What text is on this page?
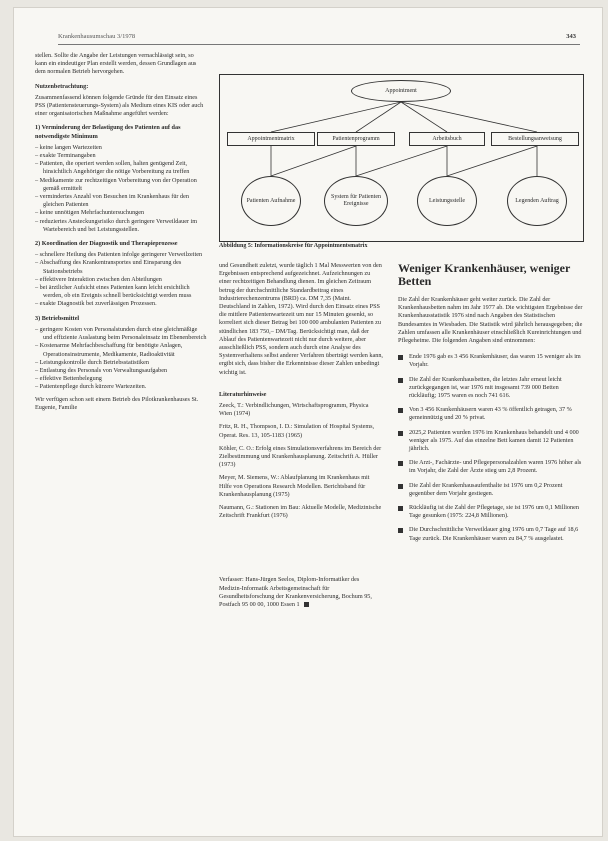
Krankenhausumschau 3/1978	343

stellen. Sollte die Angabe der Leistungen vernachlässigt sein, so kann ein eindeutiger Plan erstellt werden, dessen Grundlagen aus dem normalen Betrieb hervorgehen.

Nutzenbetrachtung:

Zusammenfassend können folgende Gründe für den Einsatz eines PSS (Patientensteuerungs-System) als Medium eines KIS oder auch einer organisatorischen Maßnahme angeführt werden:

1) Verminderung der Belastigung des Patienten auf das notwendigste Minimum
– keine langen Wartezeiten
– exakte Terminangaben
– Patienten, die operiert werden sollen, halten genügend Zeit, hinsichtlich Angehöriger die nötige Vorbereitung zu treffen
– Medikamente zur rechtzeitigen Vorbereitung von der Operation gemäß ermittelt
– vermindertes Anzahl von Besuchen im Krankenhaus für den gleichen Patienten
– keine unnötigen Mehrfachuntersuchungen
– reduziertes Ansteckungsrisiko durch geringere Verweildauer im Wartebereich und bei Leistungsstellen.
2) Koordination der Diagnostik und Therapieprozesse
– schnellere Heilung des Patienten infolge geringerer Verweilzeiten
– Abschaffung des Krankentransportes und Einsparung des Stationsbetriebs
– effektivere Interaktion zwischen den Abteilungen
– bei ärztlicher Aufsicht eines Patienten kann leicht ersichtlich werden, ob ein Ereignis schnell berücksichtigt werden muss
– exakte Diagnostik bei zuverlässigen Prozessen.
3) Betriebsmittel
– geringere Kosten von Personalstunden durch eine gleichmäßige und effiziente Auslastung beim Personaleinsatz im Ebenenbereich
– Kostenarme Mehrfachbeschaffung für benötigte Anlagen, Operationsinstrumente, Medikamente, Radioaktivität
– Leistungskontrolle durch Betriebsstatistiken
– Entlastung des Personals von Verwaltungsaufgaben
– effektive Bettenbelegung
– Patientenpflege durch kürzere Wartezeiten.

Wir verfügen schon seit einem Betrieb des Pilotkrankenhauses St. Eugenie, Familie

Appointment
Appointmentmatrix	Patientenprogramm	Arbeitsbuch	Bestellungsanweisung
Patienten Aufnahme
System für Patienten Ereignisse
Leistungsstelle	Legenden Auftrag
Abbildung 5: Informationskreise für Appointmentsmatrix

und Gesundheit zuletzt, wurde täglich 1 Mal Messwerten von den Ergebnissen entsprechend aufgezeichnet. Aufzeichnungen zu einer rechtzeitigen Behandlung dienen. Im gleichen Zeitraum betrug der durchschnittliche Standardbeitrag eines Industrierechenzentrums (BRD) ca. DM 7,35 (Maint. Deutschland in Zahlen, 1972). Wird durch den Einsatz eines PSS die mittlere Patientenwartezeit um nur 15 Minuten gesenkt, so korreliert sich dieser Betrag bei 100 000 ambulanten Patienten zu stündlichen 183 750,– DM/Tag. Berücksichtigt man, daß der Ablauf des Patientenwartezeit nicht nur durch weitere, aber ausschließlich PSS, sondern auch durch eine Analyse des Systemverhaltens selbst anderer Verfahren überträgt werden kann, ergibt sich, dass bisher die Erkenntnisse dieser Zahlen unbedingt wichtig ist.

Literaturhinweise

Zeeck, T.: Verbindlichungen, Wirtschaftsprogramm, Physica Wien (1974)

Fritz, R. H., Thompson, I. D.: Simulation of Hospital Systems, Operat. Res. 13, 105-1183 (1965)

Köhler, C. O.: Erfolg eines Simulationsverfahrens im Bereich der Zielbestimmung und Krankenhausplanung. Zeitschrift A. Hüller (1973)

Meyer, M. Siemens, W.: Ablaufplanung im Krankenhaus mit Hilfe von Operations Research Modellen. Berichtsband für Krankenhausplanung (1975)

Naumann, G.: Stationen im Bau: Aktuelle Modelle, Medizinische Zeitschrift Frankfurt (1976)

Verfasser: Hans-Jürgen Seelos, Diplom-Informatiker des Medizin-Informatik Arbeitsgemeinschaft für Gesundheitsforschung der Krankenversicherung, Bochum 95, Postfach 95 00 00, 1000 Essen 1

Weniger Krankenhäuser, weniger Betten

Die Zahl der Krankenhäuser geht weiter zurück. Die Zahl der Krankenhausbetten nahm im Jahr 1977 ab. Die wichtigsten Ergebnisse der Krankenhausstatistik 1976 sind nach Angaben des Statistischen Bundesamtes in Wiesbaden. Die Statistik wird jährlich herausgegeben; die Zahlen umfassen alle Krankenhäuser einschließlich Kureinrichtungen und Pflegeheime. Die folgenden Angaben sind entnommen:

Ende 1976 gab es 3 456 Krankenhäuser, das waren 15 weniger als im Vorjahr.
Die Zahl der Krankenhausbetten, die letztes Jahr erneut leicht zurückgegangen ist, war 1976 mit insgesamt 739 000 Betten rückläufig; 1975 waren es noch 741 616.
Von 3 456 Krankenhäusern waren 43 % öffentlich getragen, 37 % gemeinnützig und 20 % privat.
2025,2 Patienten wurden 1976 im Krankenhaus behandelt und 4 000 weniger als 1975. Auf das einzelne Bett kamen damit 12 Patienten jährlich.
Die Arzt-, Fachärzte- und Pflegepersonalzahlen waren 1976 höher als im Vorjahr, die Zahl der Ärzte stieg um 2,8 Prozent.
Die Zahl der Krankenhausaufenthalte ist 1976 um 0,2 Prozent gegenüber dem Vorjahr gestiegen.
Rückläufig ist die Zahl der Pflegetage, sie ist 1976 um 0,1 Millionen Tage gesunken (1975: 224,8 Millionen).
Die Durchschnittliche Verweildauer ging 1976 um 0,7 Tage auf 18,6 Tage zurück. Die Krankenhäuser waren zu 84,7 % ausgelastet.
